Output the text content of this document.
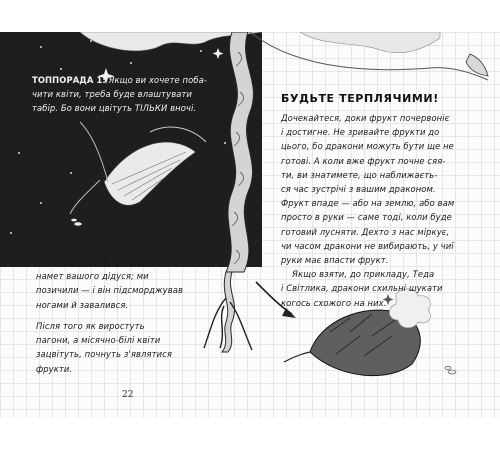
ТОППОРАДА 1: Якщо ви хочете поба-
чити квіти, треба буде влаштувати
табір. Бо вони цвітуть ТІЛЬКИ вночі.
ТОППОРАДА 2: Не позичайте
намет вашого дідуся; ми
позичили — і він підсморджував
ногами й завалився.
Після того як виростуть
пагони, а місячно-білі квіти
зацвітуть, почнуть з'являтися
фрукти.
БУДЬТЕ ТЕРПЛЯЧИМИ!
Дочекайтеся, доки фрукт почервоніє
і достигне. Не зривайте фрукти до
цього, бо дракони можуть бути ще не
готові. А коли вже фрукт почне сяя-
ти, ви знатимете, що наближаєть-
ся час зустрічі з вашим драконом.
Фрукт впаде — або на землю, або вам
просто в руки — саме тоді, коли буде
готовий лусняти. Дехто з нас міркує,
чи часом дракони не вибирають, у чиї
руки має впасти фрукт.
Якщо взяти, до прикладу, Тедa
і Світлика, дракони схильні шукати
когось схожого на них.
22
